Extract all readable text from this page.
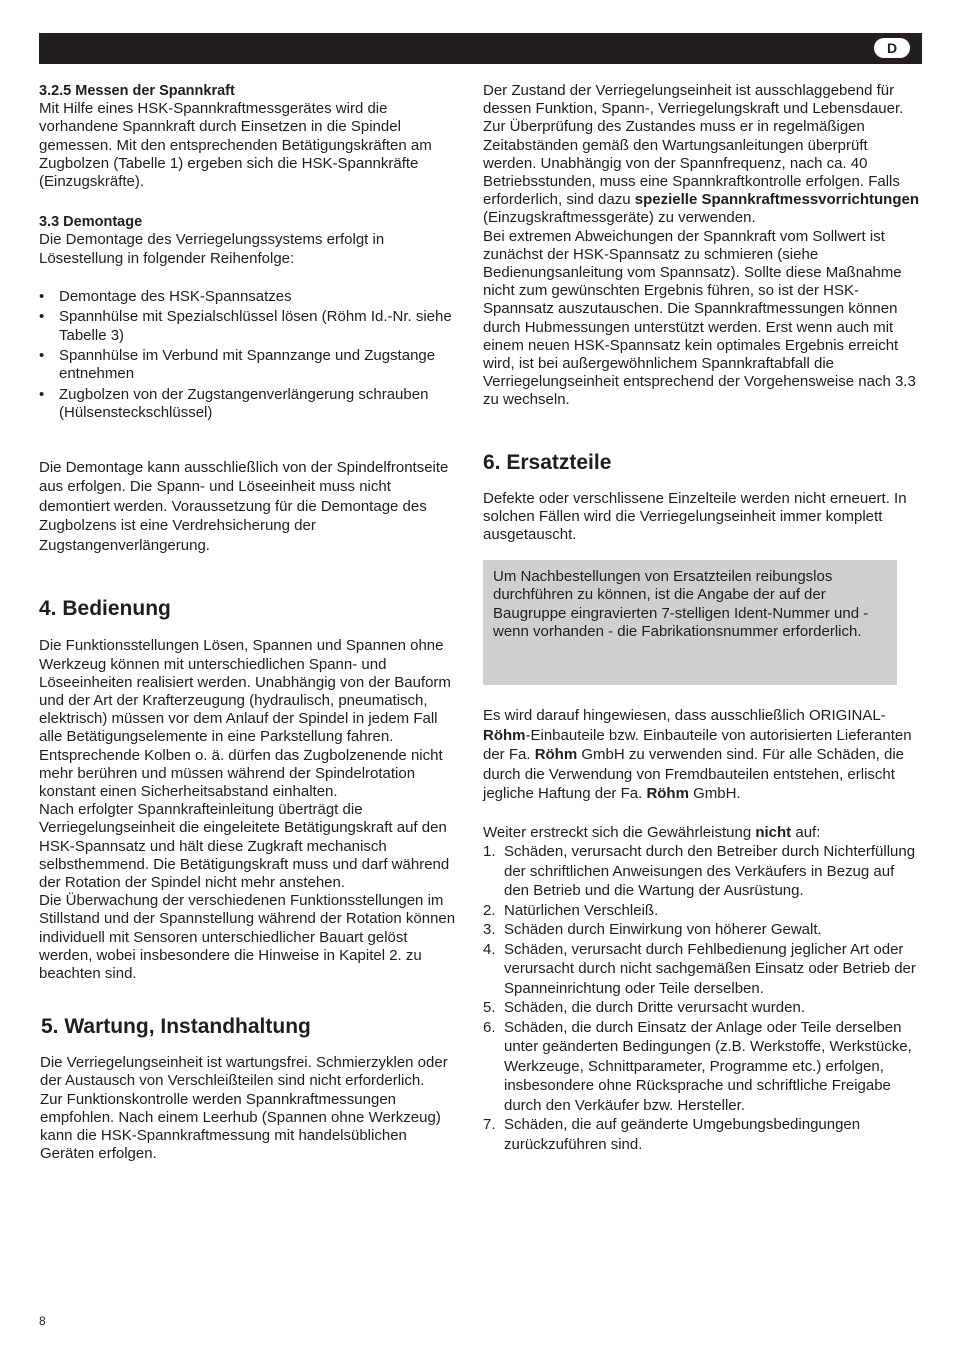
D
3.2.5 Messen der Spannkraft

Mit Hilfe eines HSK-Spannkraftmessgerätes wird die vorhandene Spannkraft durch Einsetzen in die Spindel gemessen. Mit den entsprechenden Betätigungskräften am Zugbolzen (Tabelle 1) ergeben sich die HSK-Spannkräfte (Einzugskräfte).

3.3 Demontage

Die Demontage des Verriegelungssystems erfolgt in Lösestellung in folgender Reihenfolge:

• Demontage des HSK-Spannsatzes
• Spannhülse mit Spezialschlüssel lösen (Röhm Id.-Nr. siehe Tabelle 3)
• Spannhülse im Verbund mit Spannzange und Zugstange entnehmen
• Zugbolzen von der Zugstangenverlängerung schrauben (Hülsensteckschlüssel)

Die Demontage kann ausschließlich von der Spindelfrontseite aus erfolgen. Die Spann- und Löseeinheit muss nicht demontiert werden. Voraussetzung für die Demontage des Zugbolzens ist eine Verdrehsicherung der Zugstangenverlängerung.

4. Bedienung

Die Funktionsstellungen Lösen, Spannen und Spannen ohne Werkzeug können mit unterschiedlichen Spann- und Löseeinheiten realisiert werden. Unabhängig von der Bauform und der Art der Krafterzeugung (hydraulisch, pneumatisch, elektrisch) müssen vor dem Anlauf der Spindel in jedem Fall alle Betätigungselemente in eine Parkstellung fahren. Entsprechende Kolben o. ä. dürfen das Zugbolzenende nicht mehr berühren und müssen während der Spindelrotation konstant einen Sicherheitsabstand einhalten.

Nach erfolgter Spannkrafteinleitung überträgt die Verriegelungseinheit die eingeleitete Betätigungskraft auf den HSK-Spannsatz und hält diese Zugkraft mechanisch selbsthemmend. Die Betätigungskraft muss und darf während der Rotation der Spindel nicht mehr anstehen.

Die Überwachung der verschiedenen Funktionsstellungen im Stillstand und der Spannstellung während der Rotation können individuell mit Sensoren unterschiedlicher Bauart gelöst werden, wobei insbesondere die Hinweise in Kapitel 2. zu beachten sind.

5. Wartung, Instandhaltung

Die Verriegelungseinheit ist wartungsfrei. Schmierzyklen oder der Austausch von Verschleißteilen sind nicht erforderlich.

Zur Funktionskontrolle werden Spannkraftmessungen empfohlen. Nach einem Leerhub (Spannen ohne Werkzeug) kann die HSK-Spannkraftmessung mit handelsüblichen Geräten erfolgen.

Der Zustand der Verriegelungseinheit ist ausschlaggebend für dessen Funktion, Spann-, Verriegelungskraft und Lebensdauer. Zur Überprüfung des Zustandes muss er in regelmäßigen Zeitabständen gemäß den Wartungsanleitungen überprüft werden. Unabhängig von der Spannfrequenz, nach ca. 40 Betriebsstunden, muss eine Spannkraftkontrolle erfolgen. Falls erforderlich, sind dazu spezielle Spannkraftmessvorrichtungen (Einzugskraftmessgeräte) zu verwenden.

Bei extremen Abweichungen der Spannkraft vom Sollwert ist zunächst der HSK-Spannsatz zu schmieren (siehe Bedienungsanleitung vom Spannsatz). Sollte diese Maßnahme nicht zum gewünschten Ergebnis führen, so ist der HSK-Spannsatz auszutauschen. Die Spannkraftmessungen können durch Hubmessungen unterstützt werden. Erst wenn auch mit einem neuen HSK-Spannsatz kein optimales Ergebnis erreicht wird, ist bei außergewöhnlichem Spannkraftabfall die Verriegelungseinheit entsprechend der Vorgehensweise nach 3.3 zu wechseln.

6. Ersatzteile

Defekte oder verschlissene Einzelteile werden nicht erneuert. In solchen Fällen wird die Verriegelungseinheit immer komplett ausgetauscht.

Um Nachbestellungen von Ersatzteilen reibungslos durchführen zu können, ist die Angabe der auf der Baugruppe eingravierten 7-stelligen Ident-Nummer und - wenn vorhanden - die Fabrikationsnummer erforderlich.

Es wird darauf hingewiesen, dass ausschließlich ORIGINAL-Röhm-Einbauteile bzw. Einbauteile von autorisierten Lieferanten der Fa. Röhm GmbH zu verwenden sind. Für alle Schäden, die durch die Verwendung von Fremdbauteilen entstehen, erlischt jegliche Haftung der Fa. Röhm GmbH.

Weiter erstreckt sich die Gewährleistung nicht auf:

1. Schäden, verursacht durch den Betreiber durch Nichterfüllung der schriftlichen Anweisungen des Verkäufers in Bezug auf den Betrieb und die Wartung der Ausrüstung.
2. Natürlichen Verschleiß.
3. Schäden durch Einwirkung von höherer Gewalt.
4. Schäden, verursacht durch Fehlbedienung jeglicher Art oder verursacht durch nicht sachgemäßen Einsatz oder Betrieb der Spanneinrichtung oder Teile derselben.
5. Schäden, die durch Dritte verursacht wurden.
6. Schäden, die durch Einsatz der Anlage oder Teile derselben unter geänderten Bedingungen (z.B. Werkstoffe, Werkstücke, Werkzeuge, Schnittparameter, Programme etc.) erfolgen, insbesondere ohne Rücksprache und schriftliche Freigabe durch den Verkäufer bzw. Hersteller.
7. Schäden, die auf geänderte Umgebungsbedingungen zurückzuführen sind.
8
